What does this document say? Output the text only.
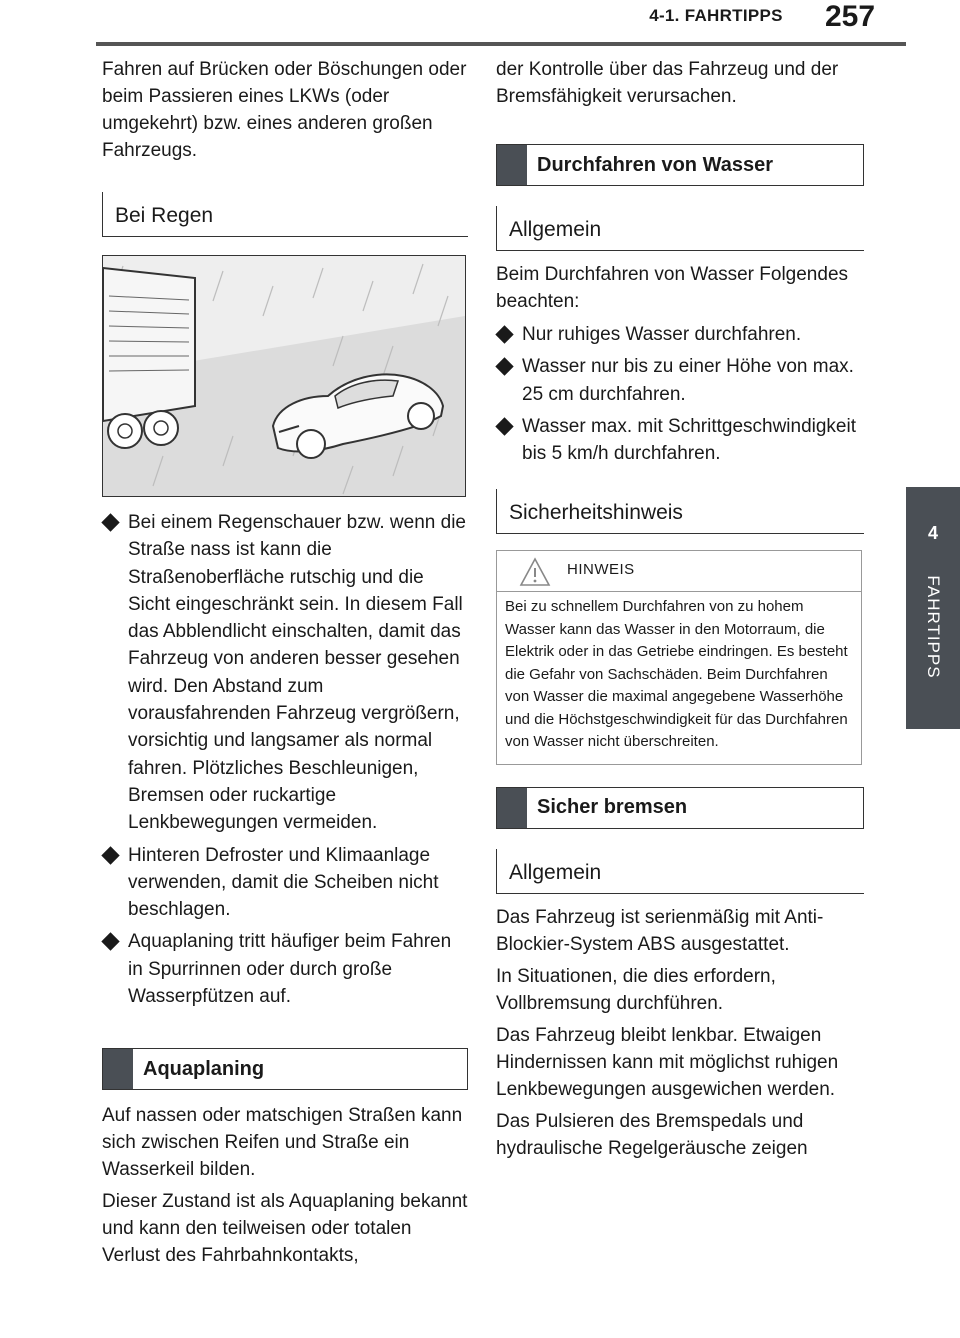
4-1. FAHRTIPPS	257
4
FAHRTIPPS

Fahren auf Brücken oder Böschungen oder beim Passieren eines LKWs (oder umgekehrt) bzw. eines anderen großen Fahrzeugs.

Bei Regen
Bei einem Regenschauer bzw. wenn die Straße nass ist kann die Straßenoberfläche rutschig und die Sicht eingeschränkt sein. In diesem Fall das Abblendlicht einschalten, damit das Fahrzeug von anderen besser gesehen wird. Den Abstand zum vorausfahrenden Fahrzeug vergrößern, vorsichtig und langsamer als normal fahren. Plötzliches Beschleunigen, Bremsen oder ruckartige Lenkbewegungen vermeiden.
Hinteren Defroster und Klimaanlage verwenden, damit die Scheiben nicht beschlagen.
Aquaplaning tritt häufiger beim Fahren in Spurrinnen oder durch große Wasserpfützen auf.
Aquaplaning

Auf nassen oder matschigen Straßen kann sich zwischen Reifen und Straße ein Wasserkeil bilden.

Dieser Zustand ist als Aquaplaning bekannt und kann den teilweisen oder totalen Verlust des Fahrbahnkontakts,

der Kontrolle über das Fahrzeug und der Bremsfähigkeit verursachen.

Durchfahren von Wasser
Allgemein

Beim Durchfahren von Wasser Folgendes beachten:

Nur ruhiges Wasser durchfahren.
Wasser nur bis zu einer Höhe von max. 25 cm durchfahren.
Wasser max. mit Schrittgeschwindigkeit bis 5 km/h durchfahren.
Sicherheitshinweis
HINWEIS
Bei zu schnellem Durchfahren von zu hohem Wasser kann das Wasser in den Motorraum, die Elektrik oder in das Getriebe eindringen. Es besteht die Gefahr von Sachschäden. Beim Durchfahren von Wasser die maximal angegebene Wasserhöhe und die Höchstgeschwindigkeit für das Durchfahren von Wasser nicht überschreiten.
Sicher bremsen
Allgemein

Das Fahrzeug ist serienmäßig mit Anti-Blockier-System ABS ausgestattet.

In Situationen, die dies erfordern, Vollbremsung durchführen.

Das Fahrzeug bleibt lenkbar. Etwaigen Hindernissen kann mit möglichst ruhigen Lenkbewegungen ausgewichen werden.

Das Pulsieren des Bremspedals und hydraulische Regelgeräusche zeigen
